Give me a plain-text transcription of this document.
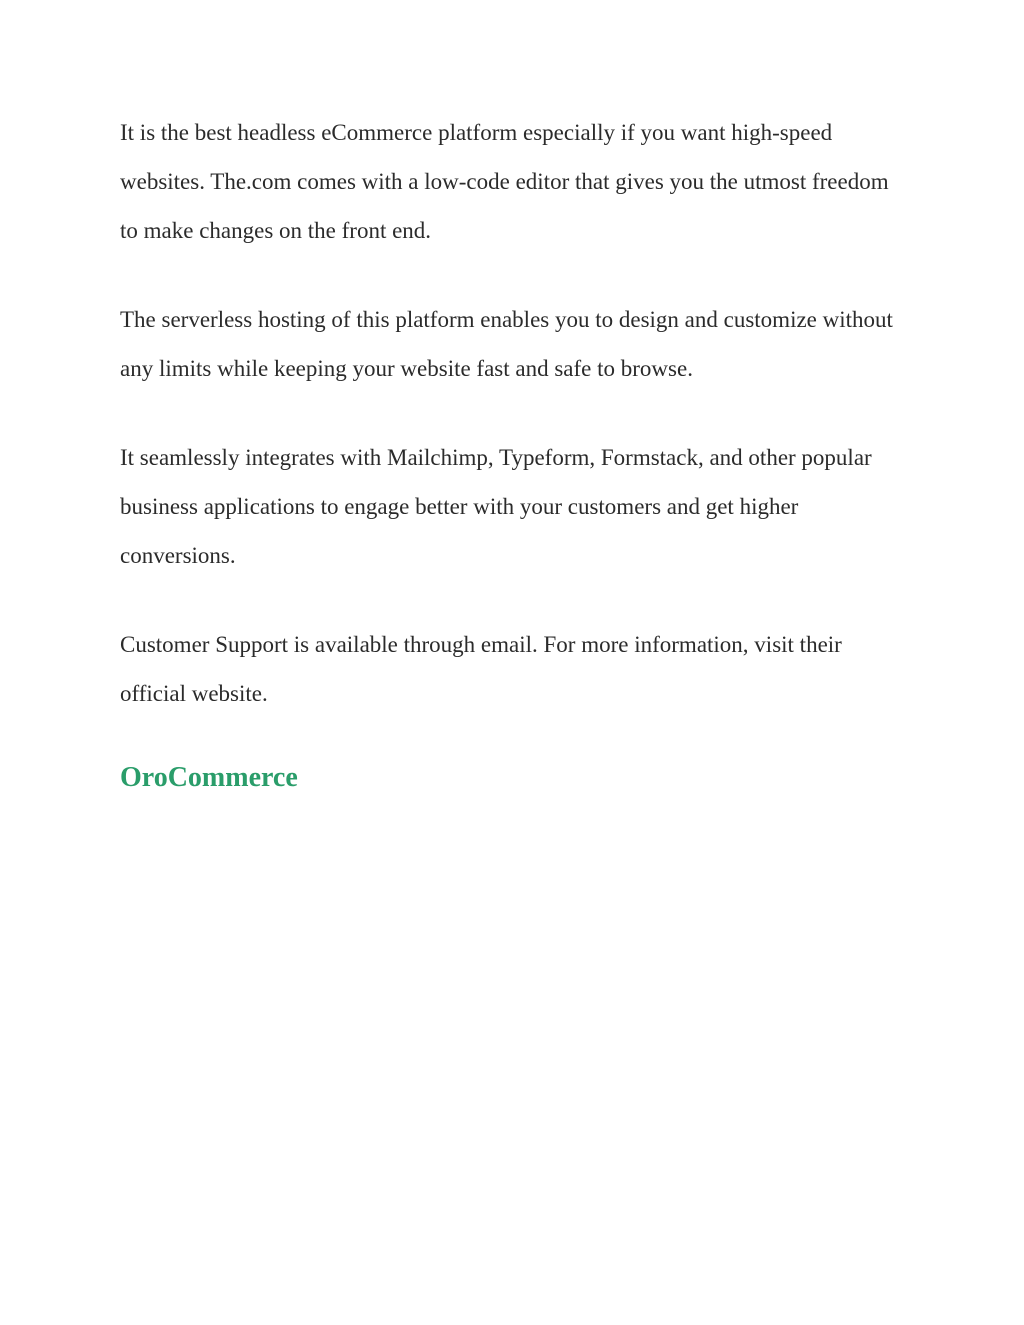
It is the best headless eCommerce platform especially if you want high-speed websites. The.com comes with a low-code editor that gives you the utmost freedom to make changes on the front end.

The serverless hosting of this platform enables you to design and customize without any limits while keeping your website fast and safe to browse.

It seamlessly integrates with Mailchimp, Typeform, Formstack, and other popular business applications to engage better with your customers and get higher conversions.

Customer Support is available through email. For more information, visit their official website.

OroCommerce
